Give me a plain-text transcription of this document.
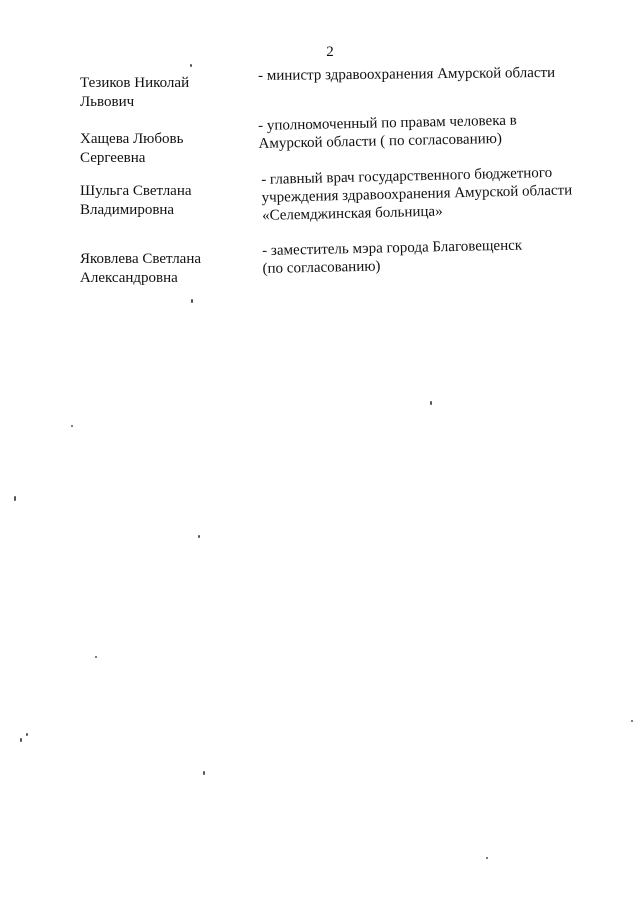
2
Тезиков Николай
Львович
- министр здравоохранения Амурской области
Хащева Любовь
Сергеевна
- уполномоченный по правам человека в
Амурской области ( по согласованию)
Шульга Светлана
Владимировна
- главный врач государственного бюджетного
учреждения здравоохранения Амурской области
«Селемджинская больница»
Яковлева Светлана
Александровна
- заместитель мэра города Благовещенск
(по согласованию)
